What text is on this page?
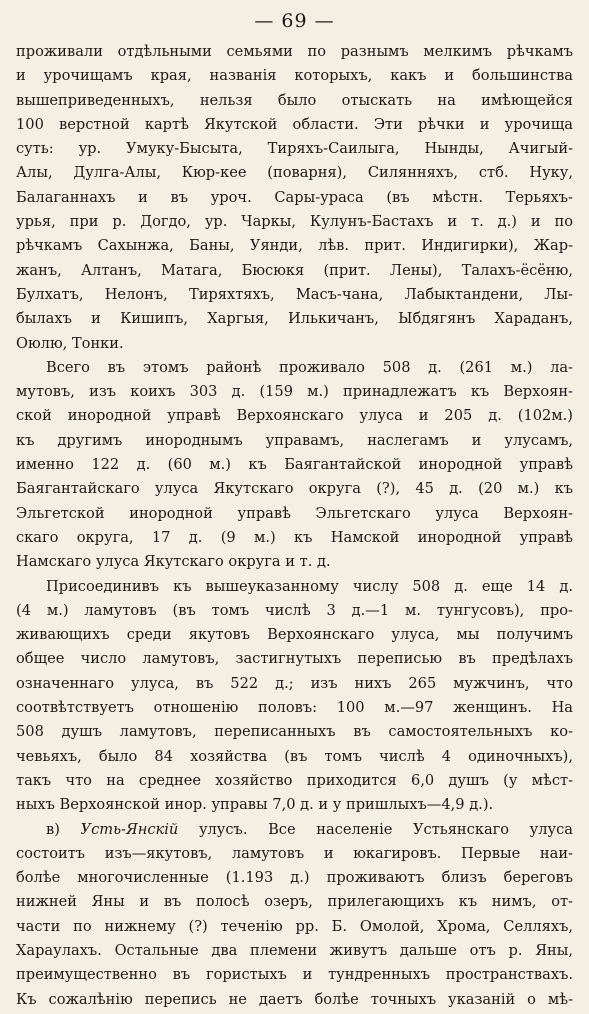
— 69 —
проживали отдѣльными семьями по разнымъ мелкимъ рѣчкамъ
и урочищамъ края, названія которыхъ, какъ и большинства
вышеприведенныхъ, нельзя было отыскать на имѣющейся
100 верстной картѣ Якутской области. Эти рѣчки и урочища
суть: ур. Умуку-Бысыта, Тиряхъ-Саилыга, Нынды, Ачигый-
Алы, Дулга-Алы, Кюр-кее (поварня), Силянняхъ, стб. Нуку,
Балаганнахъ и въ уроч. Сары-ураса (въ мѣстн. Терьяхъ-
урья, при р. Догдо, ур. Чаркы, Кулунъ-Бастахъ и т. д.) и по
рѣчкамъ Сахынжа, Баны, Уянди, лѣв. прит. Индигирки), Жар-
жанъ, Алтанъ, Матага, Бюсюкя (прит. Лены), Талахъ-ёсёню,
Булхатъ, Нелонъ, Тиряхтяхъ, Масъ-чана, Лабыктандени, Лы-
былахъ и Кишипъ, Харгыя, Илькичанъ, Ыбдягянъ Хараданъ,
Оюлю, Тонки.
Всего въ этомъ районѣ проживало 508 д. (261 м.) ла-
мутовъ, изъ коихъ 303 д. (159 м.) принадлежатъ къ Верхоян-
ской инородной управѣ Верхоянскаго улуса и 205 д. (102м.)
къ другимъ инороднымъ управамъ, наслегамъ и улусамъ,
именно 122 д. (60 м.) къ Баягантайской инородной управѣ
Баягантайскаго улуса Якутскаго округа (?), 45 д. (20 м.) къ
Эльгетской инородной управѣ Эльгетскаго улуса Верхоян-
скаго округа, 17 д. (9 м.) къ Намской инородной управѣ
Намскаго улуса Якутскаго округа и т. д.
Присоединивъ къ вышеуказанному числу 508 д. еще 14 д.
(4 м.) ламутовъ (въ томъ числѣ 3 д.—1 м. тунгусовъ), про-
живающихъ среди якутовъ Верхоянскаго улуса, мы получимъ
общее число ламутовъ, застигнутыхъ переписью въ предѣлахъ
означеннаго улуса, въ 522 д.; изъ нихъ 265 мужчинъ, что
соотвѣтствуетъ отношенію половъ: 100 м.—97 женщинъ. На
508 душъ ламутовъ, переписанныхъ въ самостоятельныхъ ко-
чевьяхъ, было 84 хозяйства (въ томъ числѣ 4 одиночныхъ),
такъ что на среднее хозяйство приходится 6,0 душъ (у мѣст-
ныхъ Верхоянской инор. управы 7,0 д. и у пришлыхъ—4,9 д.).
в) Усть-Янскій улусъ. Все населеніе Устьянскаго улуса
состоитъ изъ—якутовъ, ламутовъ и юкагировъ. Первые наи-
болѣе многочисленные (1.193 д.) проживаютъ близъ береговъ
нижней Яны и въ полосѣ озеръ, прилегающихъ къ нимъ, от-
части по нижнему (?) теченію рр. Б. Омолой, Хрома, Селляхъ,
Хараулахъ. Остальные два племени живутъ дальше отъ р. Яны,
преимущественно въ гористыхъ и тундренныхъ пространствахъ.
Къ сожалѣнію перепись не даетъ болѣе точныхъ указаній о мѣ-
